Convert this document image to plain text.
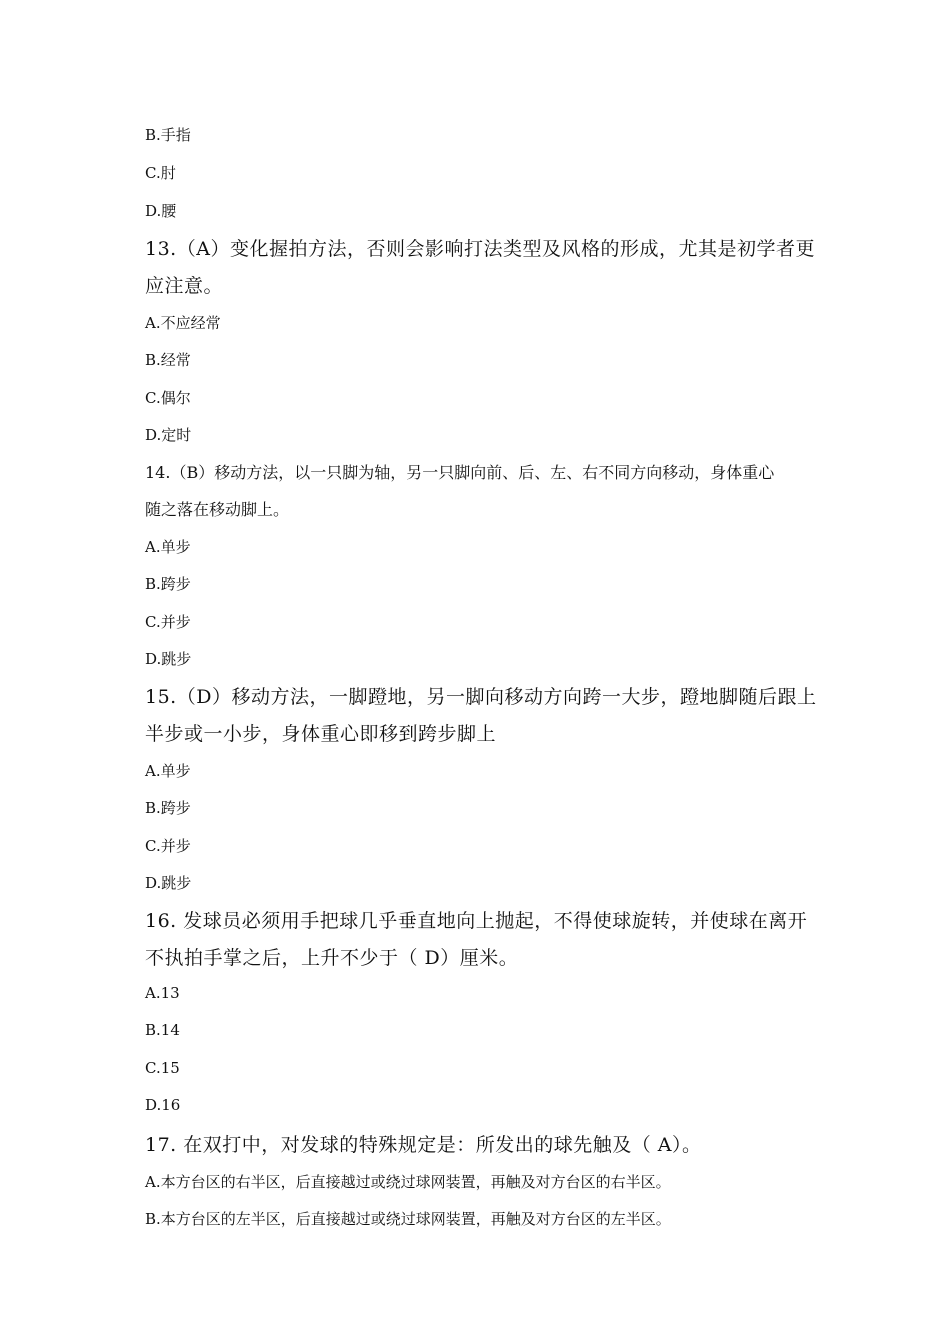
B.手指
C.肘
D.腰
13.（A）变化握拍方法，否则会影响打法类型及风格的形成，尤其是初学者更
应注意。
A.不应经常
B.经常
C.偶尔
D.定时
14.（B）移动方法，以一只脚为轴，另一只脚向前、后、左、右不同方向移动，身体重心
随之落在移动脚上。
A.单步
B.跨步
C.并步
D.跳步
15.（D）移动方法，一脚蹬地，另一脚向移动方向跨一大步，蹬地脚随后跟上
半步或一小步，身体重心即移到跨步脚上
A.单步
B.跨步
C.并步
D.跳步
16. 发球员必须用手把球几乎垂直地向上抛起，不得使球旋转，并使球在离开
不执拍手掌之后，上升不少于（ D）厘米。
A.13
B.14
C.15
D.16
17. 在双打中，对发球的特殊规定是：所发出的球先触及（ A）。
A.本方台区的右半区，后直接越过或绕过球网装置，再触及对方台区的右半区。
B.本方台区的左半区，后直接越过或绕过球网装置，再触及对方台区的左半区。
